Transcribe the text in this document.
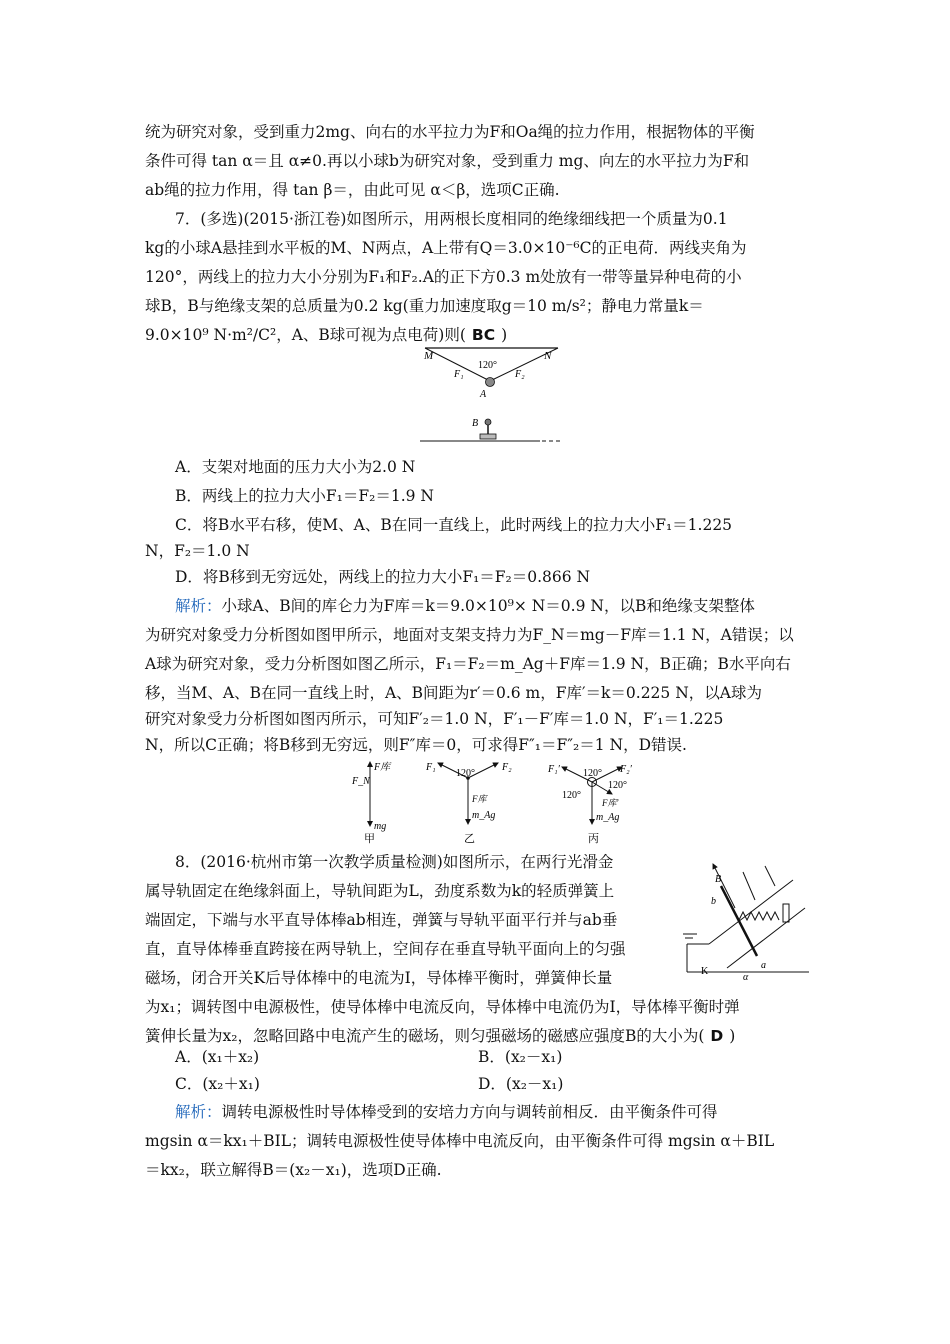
统为研究对象，受到重力2mg、向右的水平拉力为F和Oa绳的拉力作用，根据物体的平衡
条件可得 tan α＝且 α≠0.再以小球b为研究对象，受到重力 mg、向左的水平拉力为F和
ab绳的拉力作用，得 tan β＝，由此可见 α＜β，选项C正确.
7．(多选)(2015·浙江卷)如图所示，用两根长度相同的绝缘细线把一个质量为0.1
kg的小球A悬挂到水平板的M、N两点，A上带有Q＝3.0×10⁻⁶C的正电荷．两线夹角为
120°，两线上的拉力大小分别为F₁和F₂.A的正下方0.3 m处放有一带等量异种电荷的小
球B，B与绝缘支架的总质量为0.2 kg(重力加速度取g＝10 m/s²；静电力常量k＝
9.0×10⁹ N·m²/C²，A、B球可视为点电荷)则( BC )
M	N
120°
F₁	F₂
A
B
A．支架对地面的压力大小为2.0 N
B．两线上的拉力大小F₁＝F₂＝1.9 N
C．将B水平右移，使M、A、B在同一直线上，此时两线上的拉力大小F₁＝1.225
N，F₂＝1.0 N
D．将B移到无穷远处，两线上的拉力大小F₁＝F₂＝0.866 N
解析：小球A、B间的库仑力为F库＝k＝9.0×10⁹× N＝0.9 N，以B和绝缘支架整体
为研究对象受力分析图如图甲所示，地面对支架支持力为F_N＝mg－F库＝1.1 N，A错误；以
A球为研究对象，受力分析图如图乙所示，F₁＝F₂＝m_Ag＋F库＝1.9 N，B正确；B水平向右
移，当M、A、B在同一直线上时，A、B间距为r′＝0.6 m，F库′＝k＝0.225 N，以A球为
研究对象受力分析图如图丙所示，可知F′₂＝1.0 N，F′₁－F′库＝1.0 N，F′₁＝1.225
N，所以C正确；将B移到无穷远，则F″库＝0，可求得F″₁＝F″₂＝1 N，D错误.
F_N
F库
mg
甲
F₁	F₂
120°
F库
m_Ag
乙
F₁′	F₂′
120°
120°
120°
F库′
m_Ag
丙
8．(2016·杭州市第一次教学质量检测)如图所示，在两行光滑金
属导轨固定在绝缘斜面上，导轨间距为L，劲度系数为k的轻质弹簧上
端固定，下端与水平直导体棒ab相连，弹簧与导轨平面平行并与ab垂
直，直导体棒垂直跨接在两导轨上，空间存在垂直导轨平面向上的匀强
磁场，闭合开关K后导体棒中的电流为I，导体棒平衡时，弹簧伸长量
为x₁；调转图中电源极性，使导体棒中电流反向，导体棒中电流仍为I，导体棒平衡时弹
簧伸长量为x₂，忽略回路中电流产生的磁场，则匀强磁场的磁感应强度B的大小为( D )
B
b
a
K
α
A．(x₁＋x₂)	B．(x₂－x₁)
C．(x₂＋x₁)	D．(x₂－x₁)
解析：调转电源极性时导体棒受到的安培力方向与调转前相反．由平衡条件可得
mgsin α＝kx₁＋BIL；调转电源极性使导体棒中电流反向，由平衡条件可得 mgsin α＋BIL
＝kx₂，联立解得B＝(x₂－x₁)，选项D正确.
